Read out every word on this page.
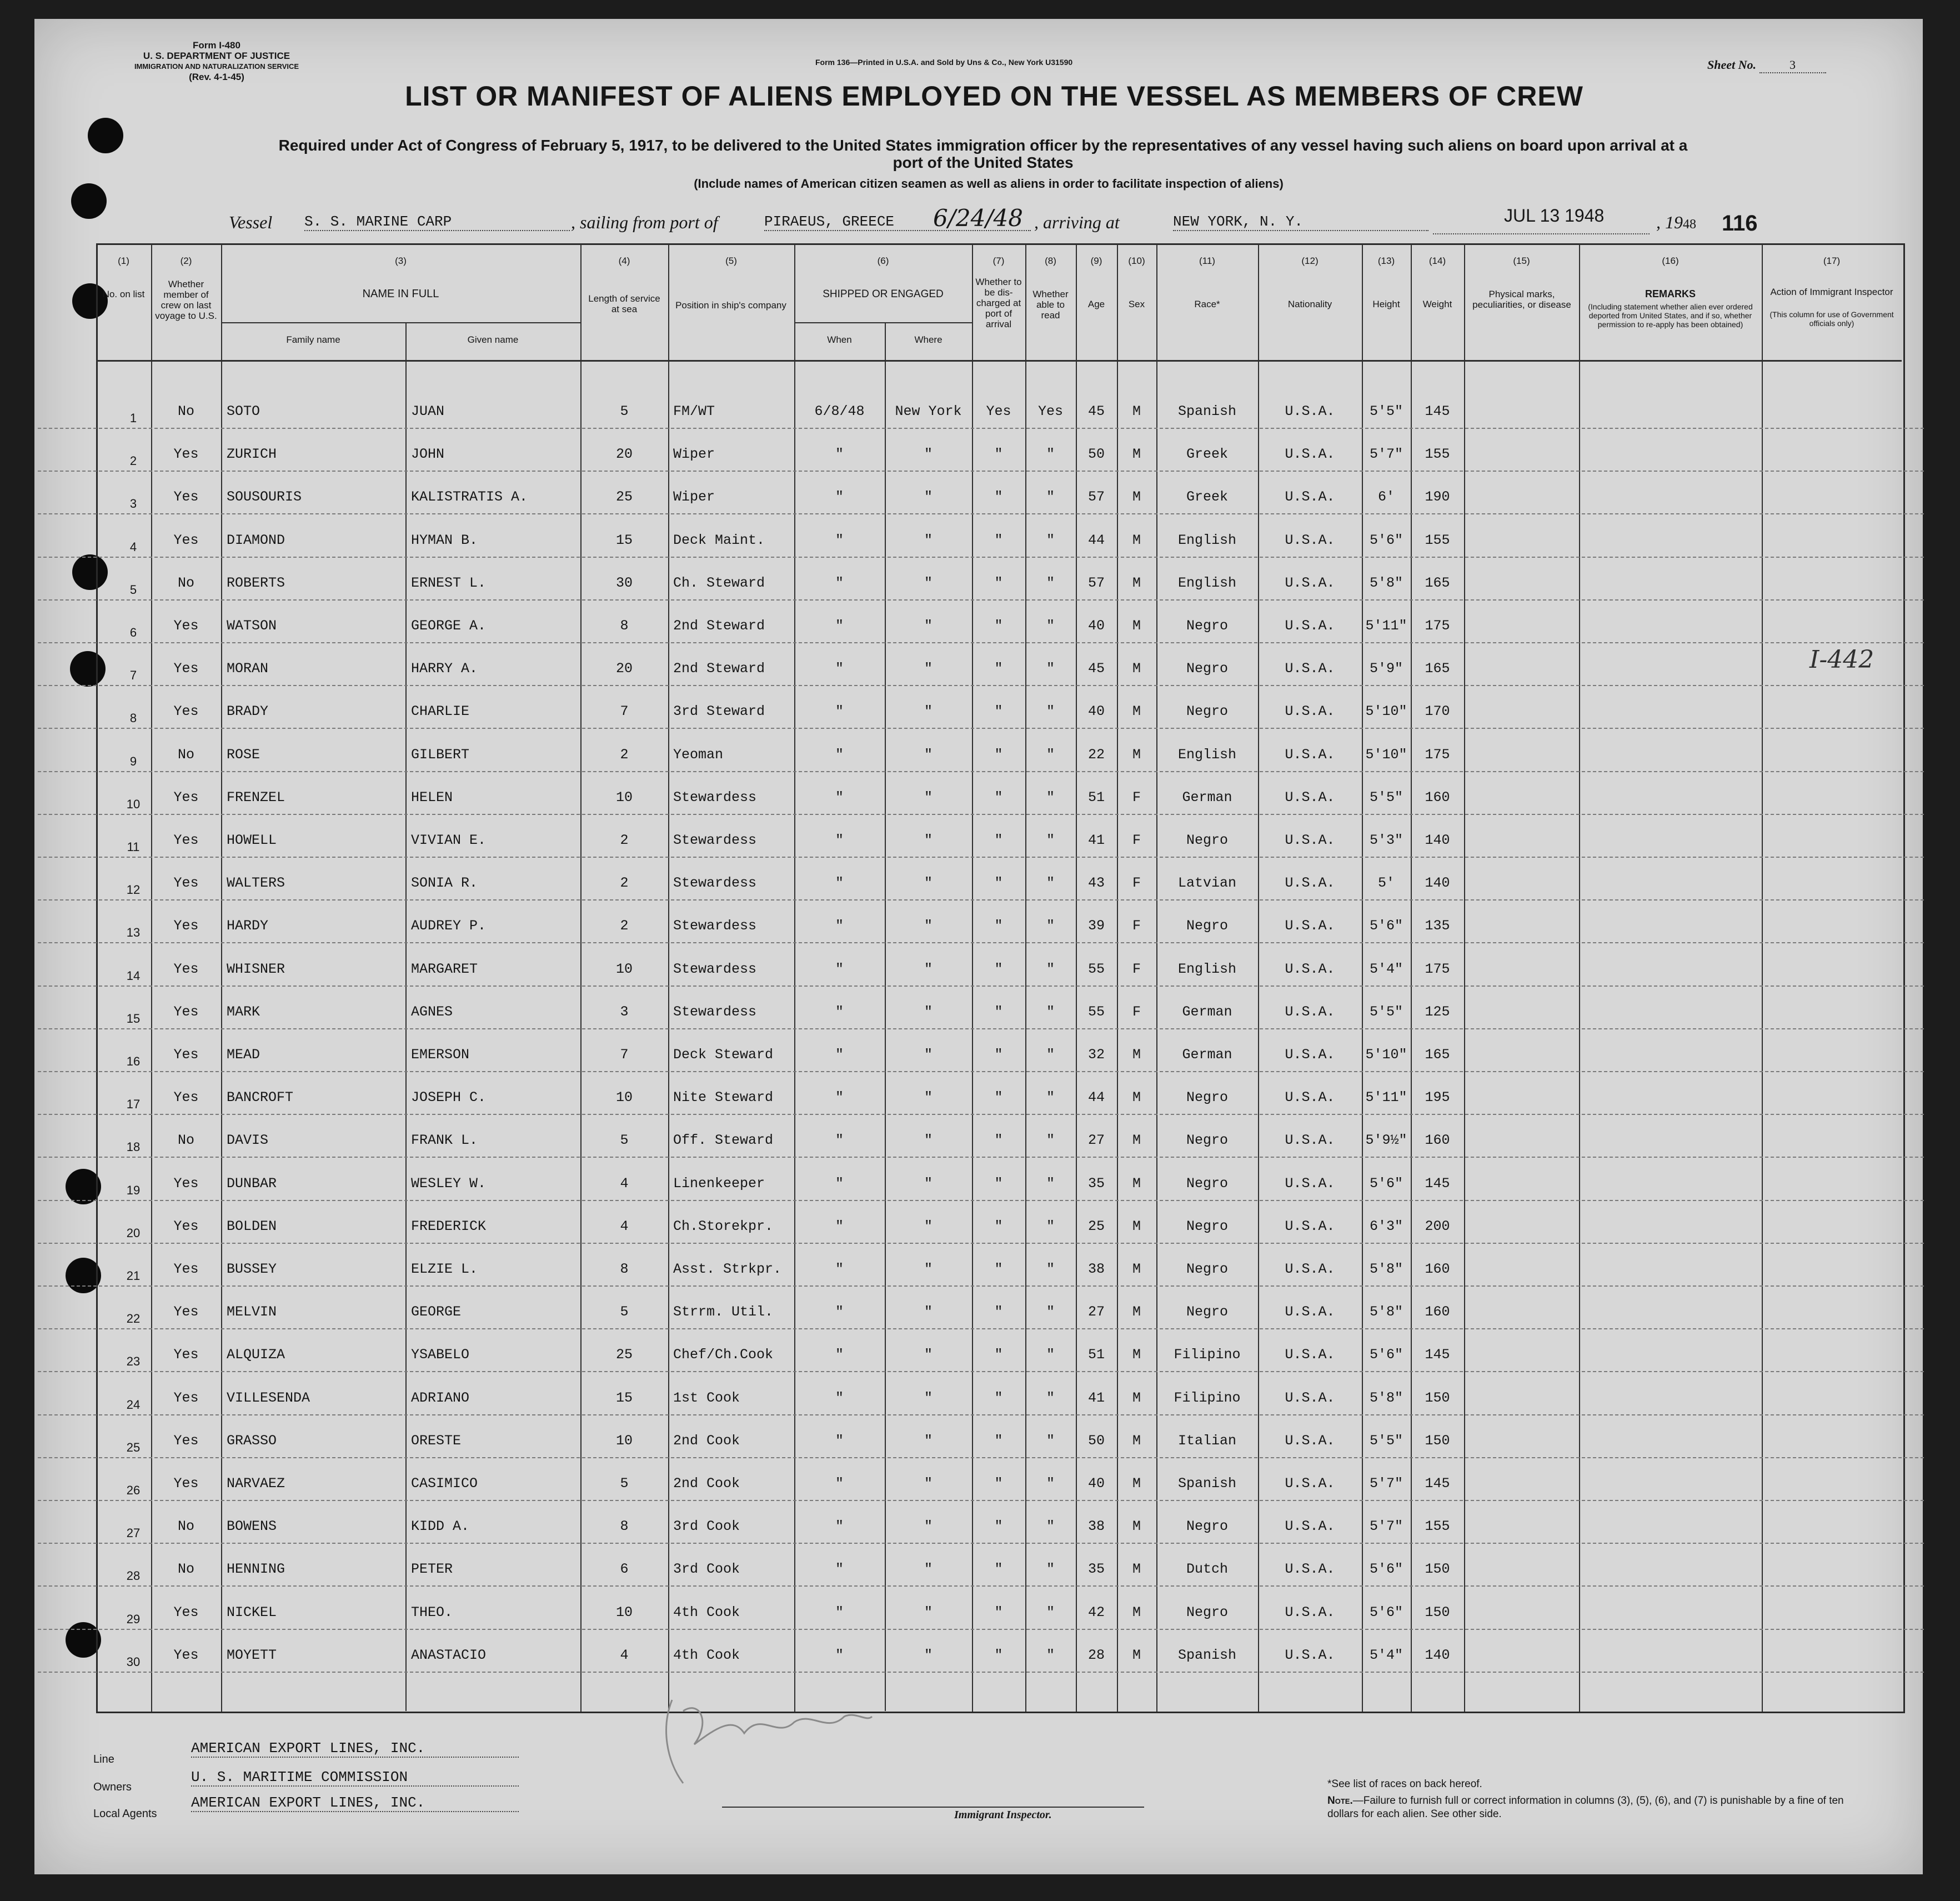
Form I-480
U. S. DEPARTMENT OF JUSTICE
IMMIGRATION AND NATURALIZATION SERVICE
(Rev. 4-1-45)
Form 136—Printed in U.S.A. and Sold by Uns & Co., New York U31590	Sheet No.	3
LIST OR MANIFEST OF ALIENS EMPLOYED ON THE VESSEL AS MEMBERS OF CREW
Required under Act of Congress of February 5, 1917, to be delivered to the United States immigration officer by the representatives of any vessel having such aliens on board upon arrival at a
port of the United States
(Include names of American citizen seamen as well as aliens in order to facilitate inspection of aliens)
Vessel S. S. MARINE CARP	, sailing from port of	PIRAEUS, GREECE	6/24/48 , arriving at	NEW YORK, N. Y.	JUL 13 1948	, 1948 116
(1)
No. on list
(2)
Whether member of crew on last voyage to U.S.
(3)
NAME IN FULL
Family name	Given name
(4)
Length of service at sea
(5)
Position in ship's company
(6)
SHIPPED OR ENGAGED
When	Where
(7)
Whether to be dis-charged at port of arrival
(8)
Whether able to read
(9)
Age
(10)
Sex
(11)
Race*
(12)
Nationality
(13)
Height
(14)
Weight
(15)
Physical marks, peculiarities, or disease
(16)
REMARKS
(Including statement whether alien ever ordered deported from United States, and if so, whether permission to re-apply has been obtained)
(17)
Action of Immigrant Inspector
(This column for use of Government officials only)
1	No	SOTO	JUAN	5	FM/WT	6/8/48	New York	Yes	Yes	45	M	Spanish	U.S.A.	5'5"	145
2	Yes	ZURICH	JOHN	20	Wiper	"	"	"	"	50	M	Greek	U.S.A.	5'7"	155
3	Yes	SOUSOURIS	KALISTRATIS A.	25	Wiper	"	"	"	"	57	M	Greek	U.S.A.	6'	190
4	Yes	DIAMOND	HYMAN B.	15	Deck Maint.	"	"	"	"	44	M	English	U.S.A.	5'6"	155
5	No	ROBERTS	ERNEST L.	30	Ch. Steward	"	"	"	"	57	M	English	U.S.A.	5'8"	165
6	Yes	WATSON	GEORGE A.	8	2nd Steward	"	"	"	"	40	M	Negro	U.S.A.	5'11"	175
7	Yes	MORAN	HARRY A.	20	2nd Steward	"	"	"	"	45	M	Negro	U.S.A.	5'9"	165
8	Yes	BRADY	CHARLIE	7	3rd Steward	"	"	"	"	40	M	Negro	U.S.A.	5'10"	170
9	No	ROSE	GILBERT	2	Yeoman	"	"	"	"	22	M	English	U.S.A.	5'10"	175
10	Yes	FRENZEL	HELEN	10	Stewardess	"	"	"	"	51	F	German	U.S.A.	5'5"	160
11	Yes	HOWELL	VIVIAN E.	2	Stewardess	"	"	"	"	41	F	Negro	U.S.A.	5'3"	140
12	Yes	WALTERS	SONIA R.	2	Stewardess	"	"	"	"	43	F	Latvian	U.S.A.	5'	140
13	Yes	HARDY	AUDREY P.	2	Stewardess	"	"	"	"	39	F	Negro	U.S.A.	5'6"	135
14	Yes	WHISNER	MARGARET	10	Stewardess	"	"	"	"	55	F	English	U.S.A.	5'4"	175
15	Yes	MARK	AGNES	3	Stewardess	"	"	"	"	55	F	German	U.S.A.	5'5"	125
16	Yes	MEAD	EMERSON	7	Deck Steward	"	"	"	"	32	M	German	U.S.A.	5'10"	165
17	Yes	BANCROFT	JOSEPH C.	10	Nite Steward	"	"	"	"	44	M	Negro	U.S.A.	5'11"	195
18	No	DAVIS	FRANK L.	5	Off. Steward	"	"	"	"	27	M	Negro	U.S.A.	5'9½"	160
19	Yes	DUNBAR	WESLEY W.	4	Linenkeeper	"	"	"	"	35	M	Negro	U.S.A.	5'6"	145
20	Yes	BOLDEN	FREDERICK	4	Ch.Storekpr.	"	"	"	"	25	M	Negro	U.S.A.	6'3"	200
21	Yes	BUSSEY	ELZIE L.	8	Asst. Strkpr.	"	"	"	"	38	M	Negro	U.S.A.	5'8"	160
22	Yes	MELVIN	GEORGE	5	Strrm. Util.	"	"	"	"	27	M	Negro	U.S.A.	5'8"	160
23	Yes	ALQUIZA	YSABELO	25	Chef/Ch.Cook	"	"	"	"	51	M	Filipino	U.S.A.	5'6"	145
24	Yes	VILLESENDA	ADRIANO	15	1st Cook	"	"	"	"	41	M	Filipino	U.S.A.	5'8"	150
25	Yes	GRASSO	ORESTE	10	2nd Cook	"	"	"	"	50	M	Italian	U.S.A.	5'5"	150
26	Yes	NARVAEZ	CASIMICO	5	2nd Cook	"	"	"	"	40	M	Spanish	U.S.A.	5'7"	145
27	No	BOWENS	KIDD A.	8	3rd Cook	"	"	"	"	38	M	Negro	U.S.A.	5'7"	155
28	No	HENNING	PETER	6	3rd Cook	"	"	"	"	35	M	Dutch	U.S.A.	5'6"	150
29	Yes	NICKEL	THEO.	10	4th Cook	"	"	"	"	42	M	Negro	U.S.A.	5'6"	150
30	Yes	MOYETT	ANASTACIO	4	4th Cook	"	"	"	"	28	M	Spanish	U.S.A.	5'4"	140
I-442
Line
AMERICAN EXPORT LINES, INC.
Owners
U. S. MARITIME COMMISSION
Local Agents
AMERICAN EXPORT LINES, INC.
Immigrant Inspector.
*See list of races on back hereof.
Note.—Failure to furnish full or correct information in columns (3), (5), (6), and (7) is punishable by a fine of ten dollars for each alien. See other side.
